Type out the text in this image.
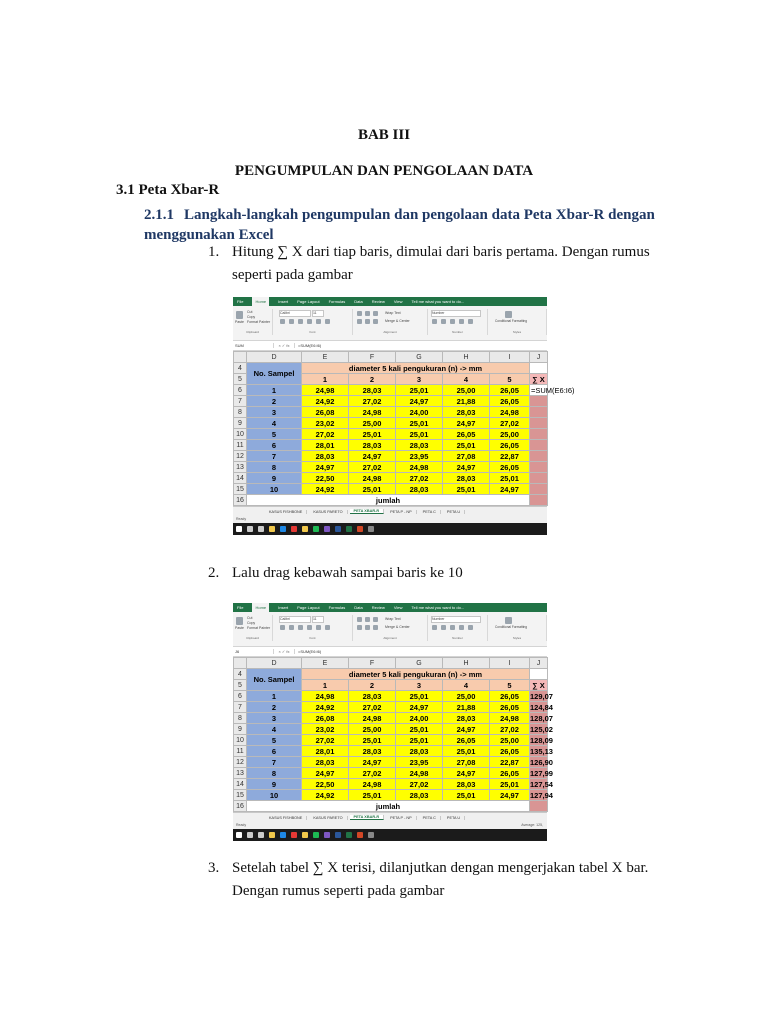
BAB III
PENGUMPULAN DAN PENGOLAAN DATA
3.1 Peta Xbar-R
2.1.1 Langkah-langkah pengumpulan dan pengolaan data Peta Xbar-R dengan menggunakan Excel
1. Hitung ∑ X dari tiap baris, dimulai dari baris pertama. Dengan rumus
seperti pada gambar
2. Lalu drag kebawah sampai baris ke 10
3. Setelah tabel ∑ X terisi, dilanjutkan dengan mengerjakan tabel X bar.
Dengan rumus seperti pada gambar
File	Home	Insert Page Layout Formulas Data Review View Tell me what you want to do...
Clipboard	Font	Alignment	Number	Styles
Paste
Cut
Copy
Format Painter
Calibri	11	Wrap Text
Merge & Center
Number
Conditional Formatting
SUM	× ✓ fx	=SUM(E6:I6)
	D	E	F	G	H	I	J	
4	No. Sampel	diameter 5 kali pengukuran (n) -> mm						
5		1	2	3	4	5	∑ X	
6	1	24,98	28,03	25,01	25,00	26,05	=SUM(E6:I6)	
7	2	24,92	27,02	24,97	21,88	26,05		
8	3	26,08	24,98	24,00	28,03	24,98		
9	4	23,02	25,00	25,01	24,97	27,02		
10	5	27,02	25,01	25,01	26,05	25,00		
11	6	28,01	28,03	28,03	25,01	26,05		
12	7	28,03	24,97	23,95	27,08	22,87		
13	8	24,97	27,02	24,98	24,97	26,05		
14	9	22,50	24,98	27,02	28,03	25,01		
15	10	24,92	25,01	28,03	25,01	24,97		
16	jumlah							
KASUS FISHBONE	KASUS PARETO	PETA XBAR-R	PETA P - NP	PETA C	PETA U
Ready
File	Home	Insert Page Layout Formulas Data Review View Tell me what you want to do...
Clipboard	Font	Alignment	Number	Styles
Paste
Cut
Copy
Format Painter
Calibri	11	Wrap Text
Merge & Center
Number
Conditional Formatting
J6	× ✓ fx	=SUM(E6:I6)
	D	E	F	G	H	I	J	
4	No. Sampel	diameter 5 kali pengukuran (n) -> mm						
5		1	2	3	4	5	∑ X	
6	1	24,98	28,03	25,01	25,00	26,05	129,07	
7	2	24,92	27,02	24,97	21,88	26,05	124,84	
8	3	26,08	24,98	24,00	28,03	24,98	128,07	
9	4	23,02	25,00	25,01	24,97	27,02	125,02	
10	5	27,02	25,01	25,01	26,05	25,00	128,09	
11	6	28,01	28,03	28,03	25,01	26,05	135,13	
12	7	28,03	24,97	23,95	27,08	22,87	126,90	
13	8	24,97	27,02	24,98	24,97	26,05	127,99	
14	9	22,50	24,98	27,02	28,03	25,01	127,54	
15	10	24,92	25,01	28,03	25,01	24,97	127,94	
16	jumlah							
KASUS FISHBONE	KASUS PARETO	PETA XBAR-R	PETA P - NP	PETA C	PETA U
Ready	Average: 125,
